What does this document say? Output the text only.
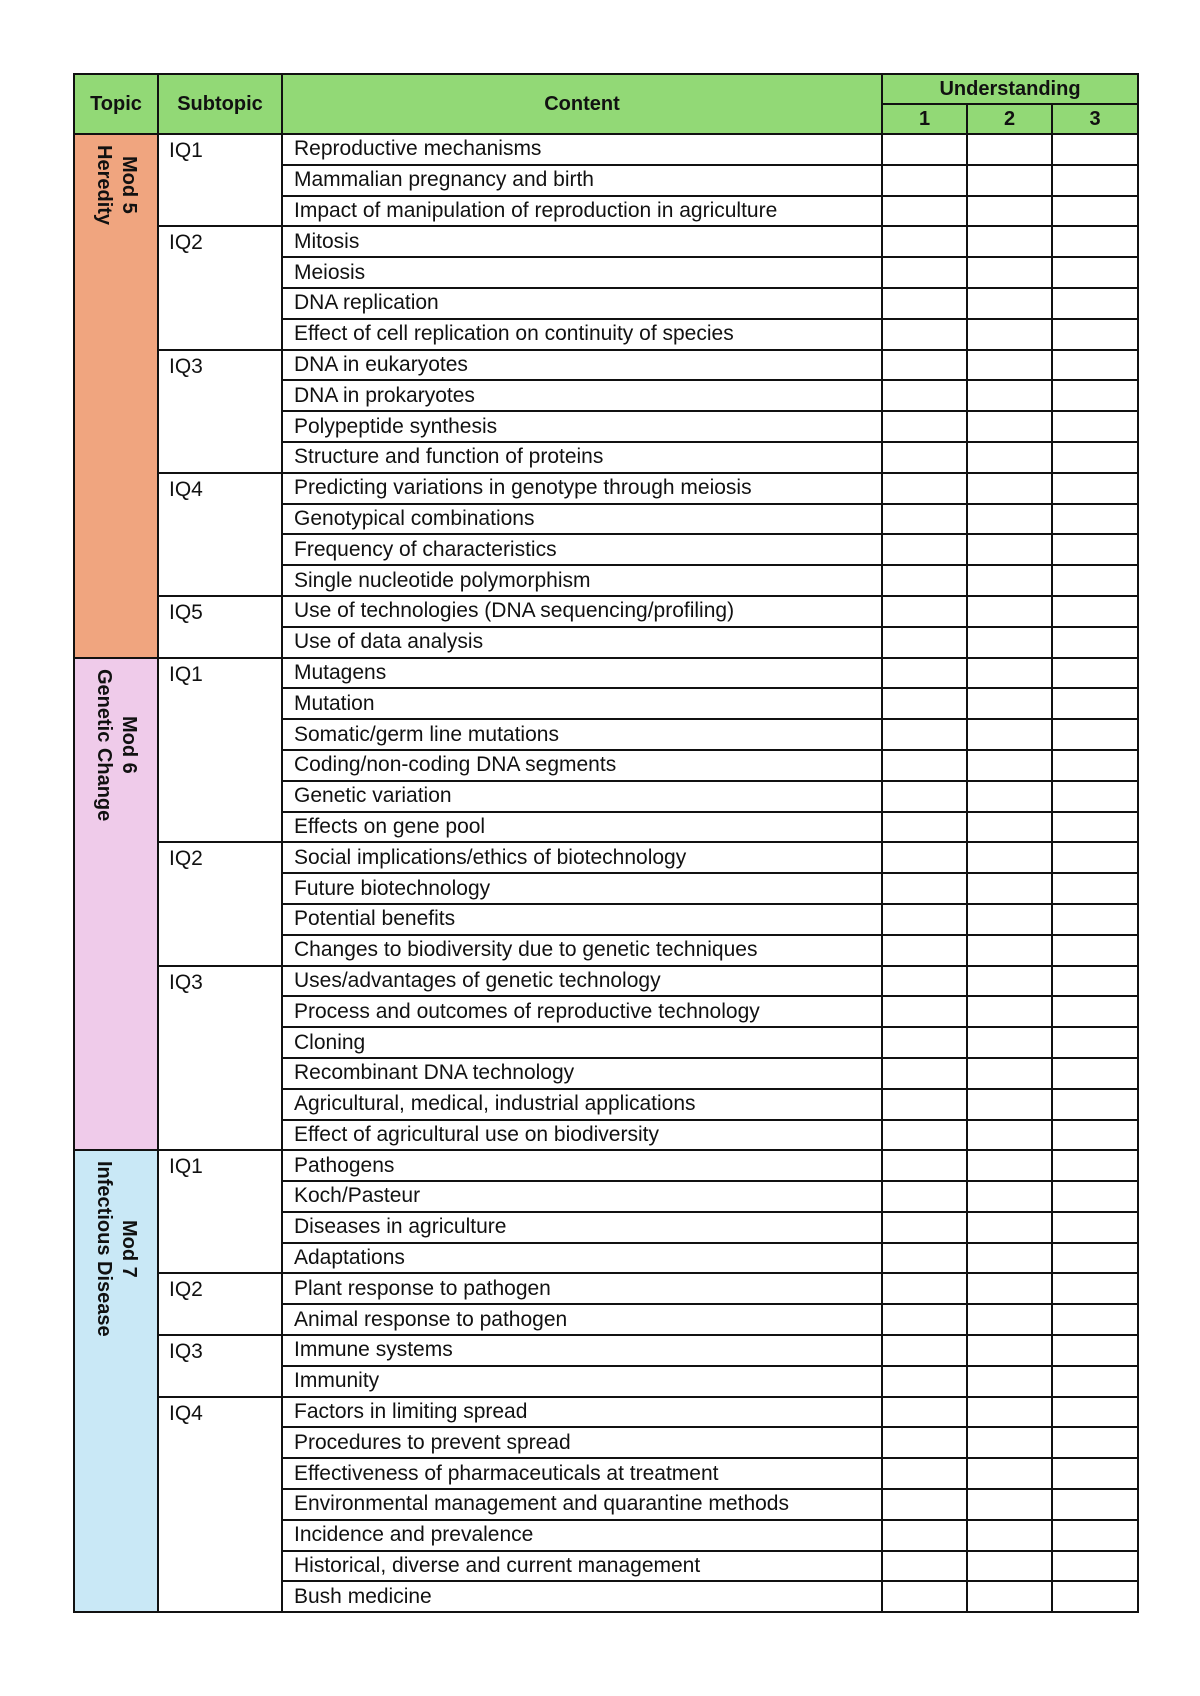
Topic	Subtopic	Content	Understanding		
			1	2	3

Mod 5
Heredity	IQ1	Reproductive mechanisms			
		Mammalian pregnancy and birth			
		Impact of manipulation of reproduction in agriculture			
	IQ2	Mitosis			
		Meiosis			
		DNA replication			
		Effect of cell replication on continuity of species			
	IQ3	DNA in eukaryotes			
		DNA in prokaryotes			
		Polypeptide synthesis			
		Structure and function of proteins			
	IQ4	Predicting variations in genotype through meiosis			
		Genotypical combinations			
		Frequency of characteristics			
		Single nucleotide polymorphism			
	IQ5	Use of technologies (DNA sequencing/profiling)			
		Use of data analysis			

Mod 6
Genetic Change	IQ1	Mutagens			
		Mutation			
		Somatic/germ line mutations			
		Coding/non-coding DNA segments			
		Genetic variation			
		Effects on gene pool			
	IQ2	Social implications/ethics of biotechnology			
		Future biotechnology			
		Potential benefits			
		Changes to biodiversity due to genetic techniques			
	IQ3	Uses/advantages of genetic technology			
		Process and outcomes of reproductive technology			
		Cloning			
		Recombinant DNA technology			
		Agricultural, medical, industrial applications			
		Effect of agricultural use on biodiversity			

Mod 7
Infectious Disease	IQ1	Pathogens			
		Koch/Pasteur			
		Diseases in agriculture			
		Adaptations			
	IQ2	Plant response to pathogen			
		Animal response to pathogen			
	IQ3	Immune systems			
		Immunity			
	IQ4	Factors in limiting spread			
		Procedures to prevent spread			
		Effectiveness of pharmaceuticals at treatment			
		Environmental management and quarantine methods			
		Incidence and prevalence			
		Historical, diverse and current management			
		Bush medicine			
